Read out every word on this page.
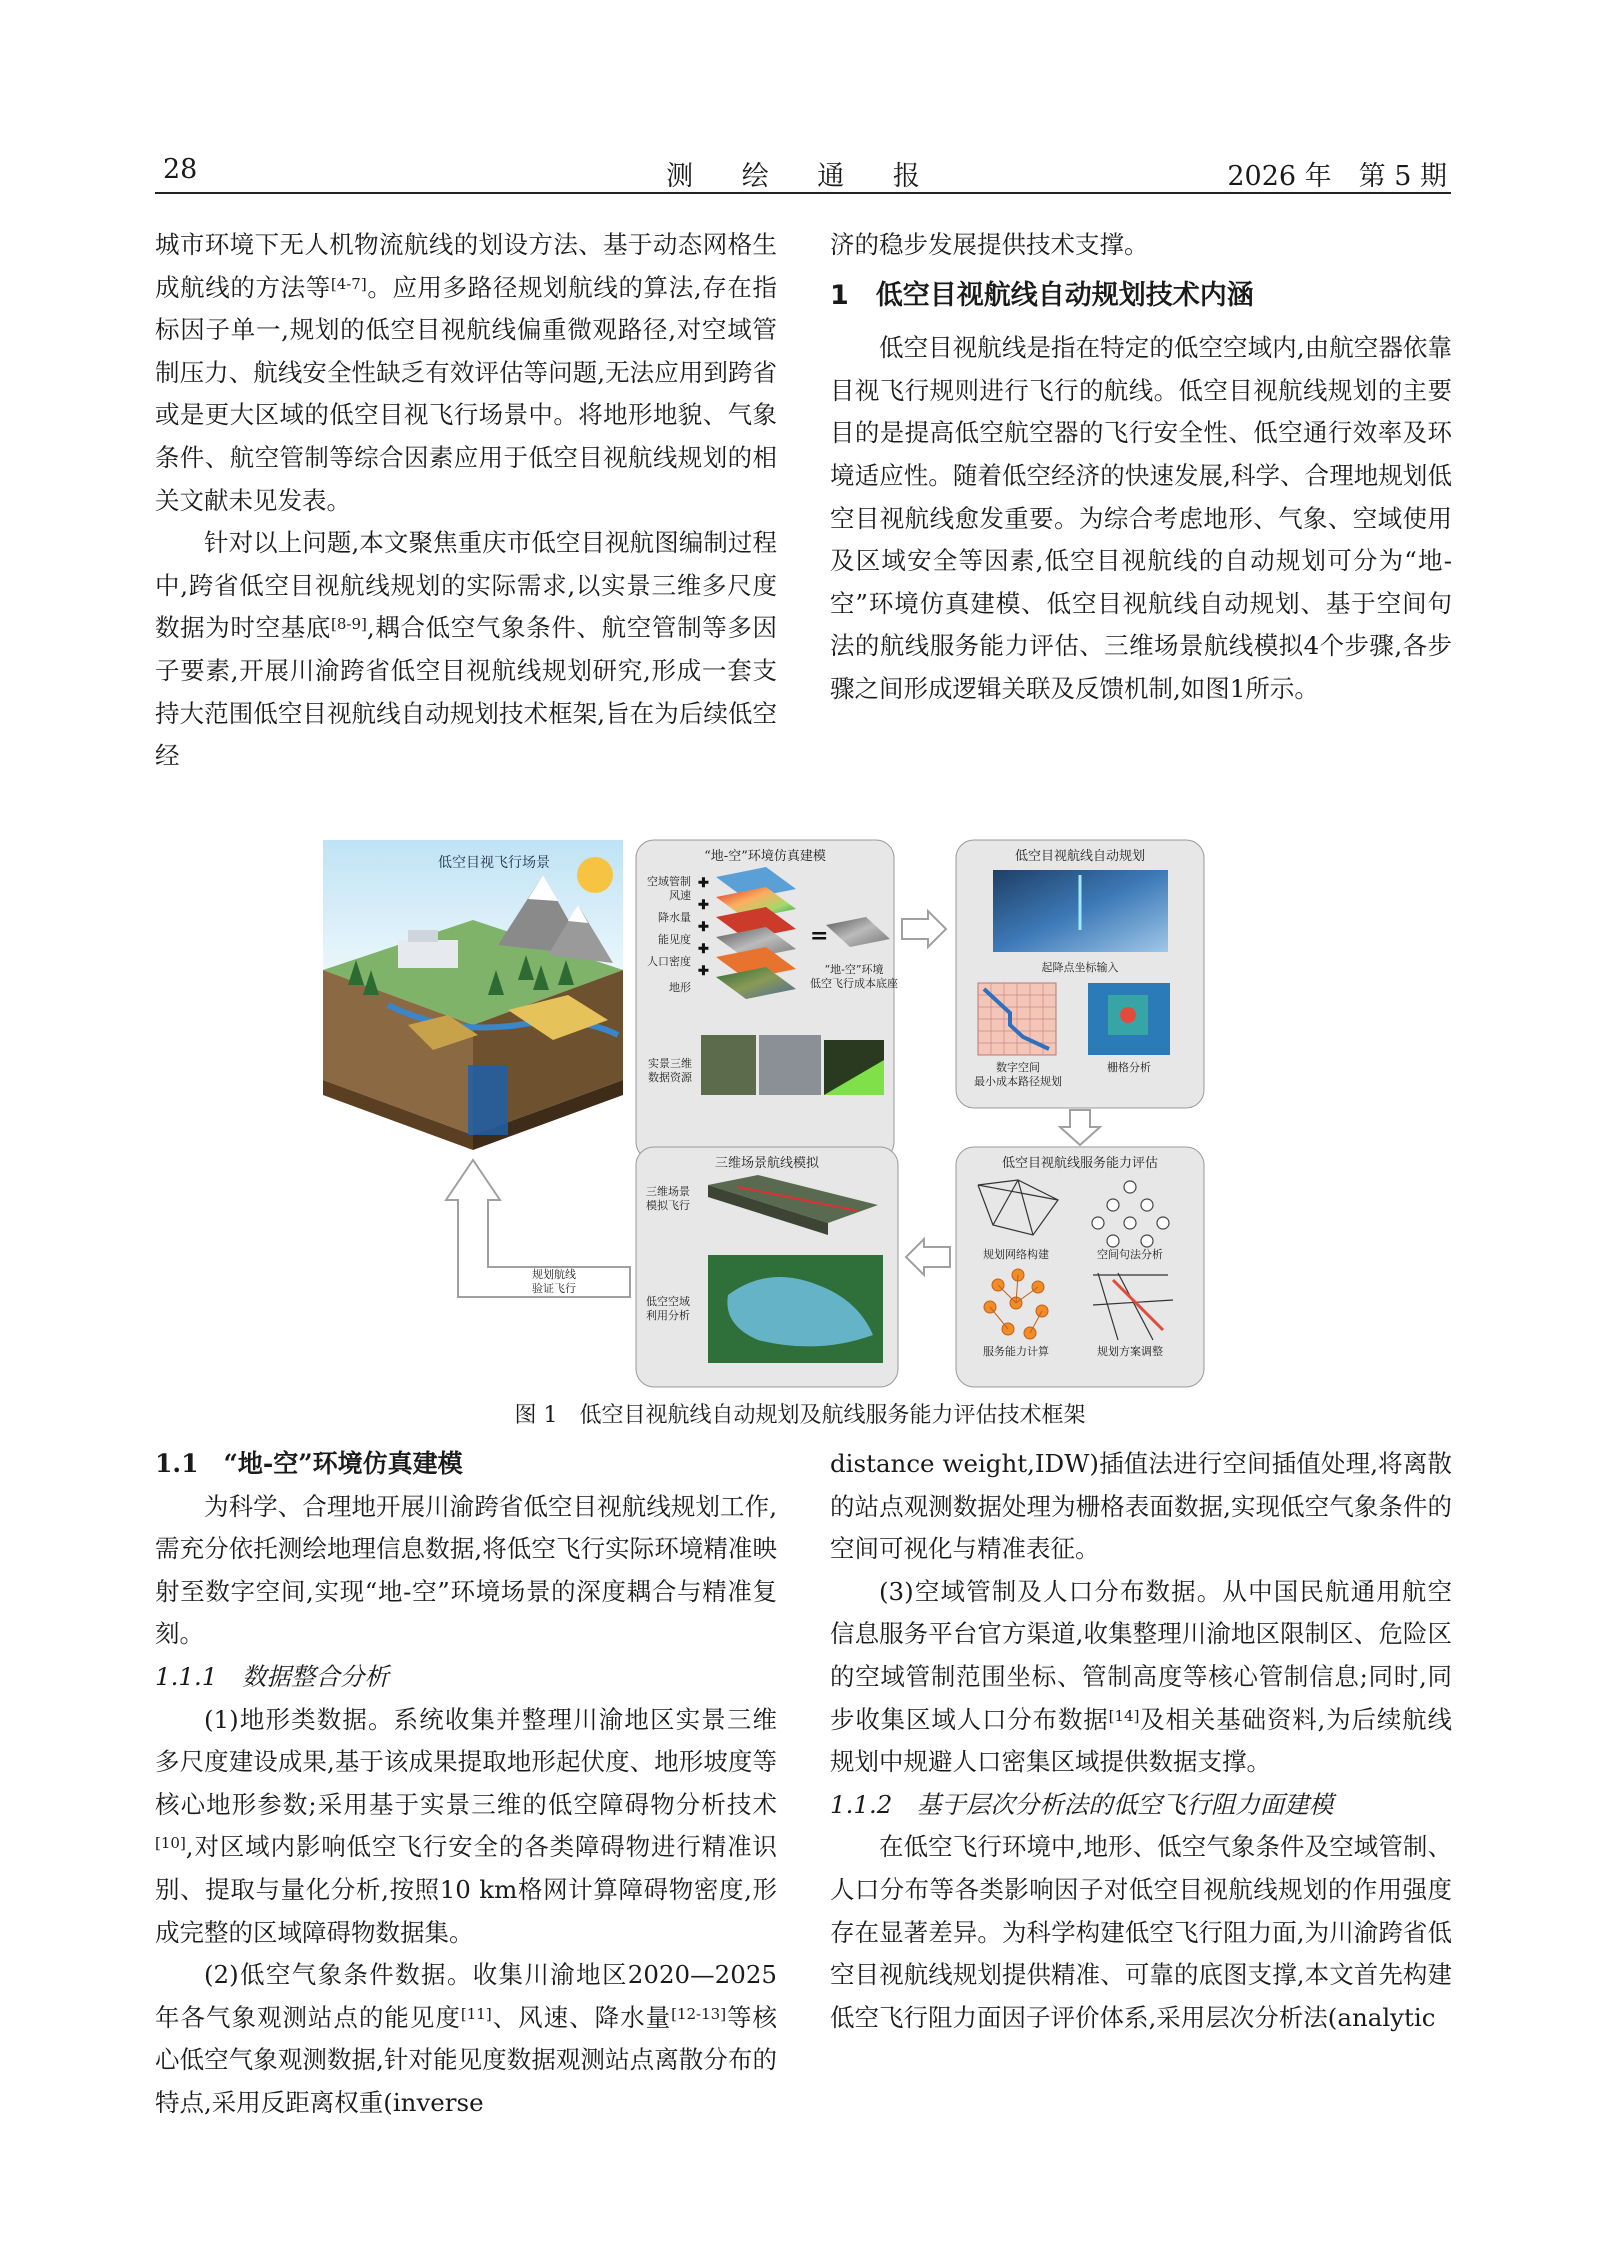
28	测 绘 通 报	2026 年　第 5 期

城市环境下无人机物流航线的划设方法、基于动态网格生成航线的方法等[4-7]。应用多路径规划航线的算法,存在指标因子单一,规划的低空目视航线偏重微观路径,对空域管制压力、航线安全性缺乏有效评估等问题,无法应用到跨省或是更大区域的低空目视飞行场景中。将地形地貌、气象条件、航空管制等综合因素应用于低空目视航线规划的相关文献未见发表。

针对以上问题,本文聚焦重庆市低空目视航图编制过程中,跨省低空目视航线规划的实际需求,以实景三维多尺度数据为时空基底[8-9],耦合低空气象条件、航空管制等多因子要素,开展川渝跨省低空目视航线规划研究,形成一套支持大范围低空目视航线自动规划技术框架,旨在为后续低空经

济的稳步发展提供技术支撑。

1　低空目视航线自动规划技术内涵

低空目视航线是指在特定的低空空域内,由航空器依靠目视飞行规则进行飞行的航线。低空目视航线规划的主要目的是提高低空航空器的飞行安全性、低空通行效率及环境适应性。随着低空经济的快速发展,科学、合理地规划低空目视航线愈发重要。为综合考虑地形、气象、空域使用及区域安全等因素,低空目视航线的自动规划可分为“地-空”环境仿真建模、低空目视航线自动规划、基于空间句法的航线服务能力评估、三维场景航线模拟4个步骤,各步骤之间形成逻辑关联及反馈机制,如图1所示。

低空目视飞行场景	“地-空”环境仿真建模
空域管制
风速
降水量
能见度
人口密度
地形
✚
✚
✚
✚
✚
=
“地-空”环境
低空飞行成本底座
实景三维
数据资源
低空目视航线自动规划
起降点坐标输入
栅格分析
数字空间
最小成本路径规划
低空目视航线服务能力评估
规划网络构建	空间句法分析
服务能力计算	规划方案调整
三维场景航线模拟
三维场景
模拟飞行
低空空域
利用分析
规划航线
验证飞行
图 1　低空目视航线自动规划及航线服务能力评估技术框架

1.1　“地-空”环境仿真建模

为科学、合理地开展川渝跨省低空目视航线规划工作,需充分依托测绘地理信息数据,将低空飞行实际环境精准映射至数字空间,实现“地-空”环境场景的深度耦合与精准复刻。

1.1.1　数据整合分析

(1)地形类数据。系统收集并整理川渝地区实景三维多尺度建设成果,基于该成果提取地形起伏度、地形坡度等核心地形参数;采用基于实景三维的低空障碍物分析技术[10],对区域内影响低空飞行安全的各类障碍物进行精准识别、提取与量化分析,按照10 km格网计算障碍物密度,形成完整的区域障碍物数据集。

(2)低空气象条件数据。收集川渝地区2020—2025年各气象观测站点的能见度[11]、风速、降水量[12-13]等核心低空气象观测数据,针对能见度数据观测站点离散分布的特点,采用反距离权重(inverse

distance weight,IDW)插值法进行空间插值处理,将离散的站点观测数据处理为栅格表面数据,实现低空气象条件的空间可视化与精准表征。

(3)空域管制及人口分布数据。从中国民航通用航空信息服务平台官方渠道,收集整理川渝地区限制区、危险区的空域管制范围坐标、管制高度等核心管制信息;同时,同步收集区域人口分布数据[14]及相关基础资料,为后续航线规划中规避人口密集区域提供数据支撑。

1.1.2　基于层次分析法的低空飞行阻力面建模

在低空飞行环境中,地形、低空气象条件及空域管制、人口分布等各类影响因子对低空目视航线规划的作用强度存在显著差异。为科学构建低空飞行阻力面,为川渝跨省低空目视航线规划提供精准、可靠的底图支撑,本文首先构建低空飞行阻力面因子评价体系,采用层次分析法(analytic
